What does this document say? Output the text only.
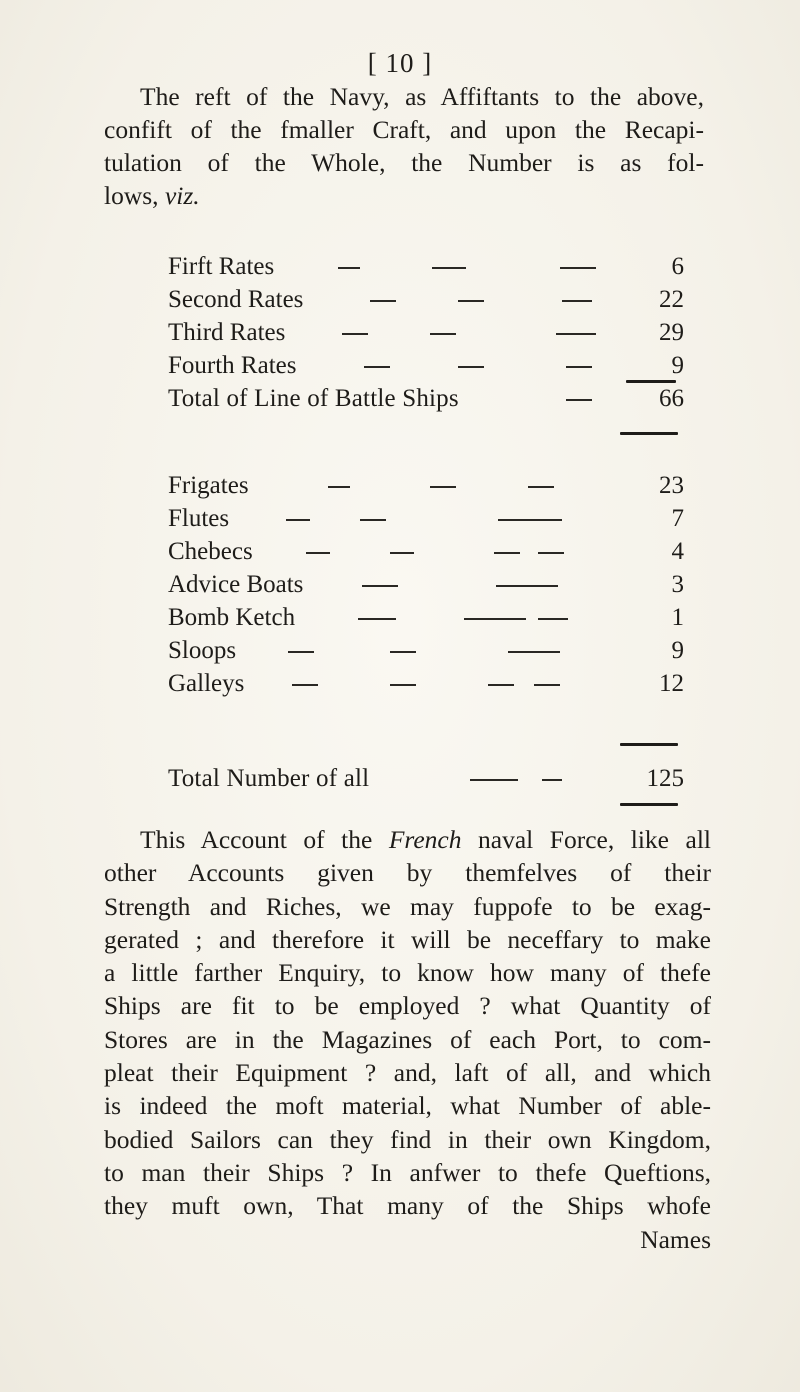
[ 10 ]
The reft of the Navy, as Affiftants to the above,
confift of the fmaller Craft, and upon the Recapi-
tulation of the Whole, the Number is as fol-
lows, viz.
Firft Rates	6
Second Rates	22
Third Rates	29
Fourth Rates	9
Total of Line of Battle Ships	66
Frigates	23
Flutes	7
Chebecs	4
Advice Boats	3
Bomb Ketch	1
Sloops	9
Galleys	12
Total Number of all	125
This Account of the French naval Force, like all
other Accounts given by themfelves of their
Strength and Riches, we may fuppofe to be exag-
gerated ; and therefore it will be neceffary to make
a little farther Enquiry, to know how many of thefe
Ships are fit to be employed ? what Quantity of
Stores are in the Magazines of each Port, to com-
pleat their Equipment ? and, laft of all, and which
is indeed the moft material, what Number of able-
bodied Sailors can they find in their own Kingdom,
to man their Ships ? In anfwer to thefe Queftions,
they muft own, That many of the Ships whofe
Names
